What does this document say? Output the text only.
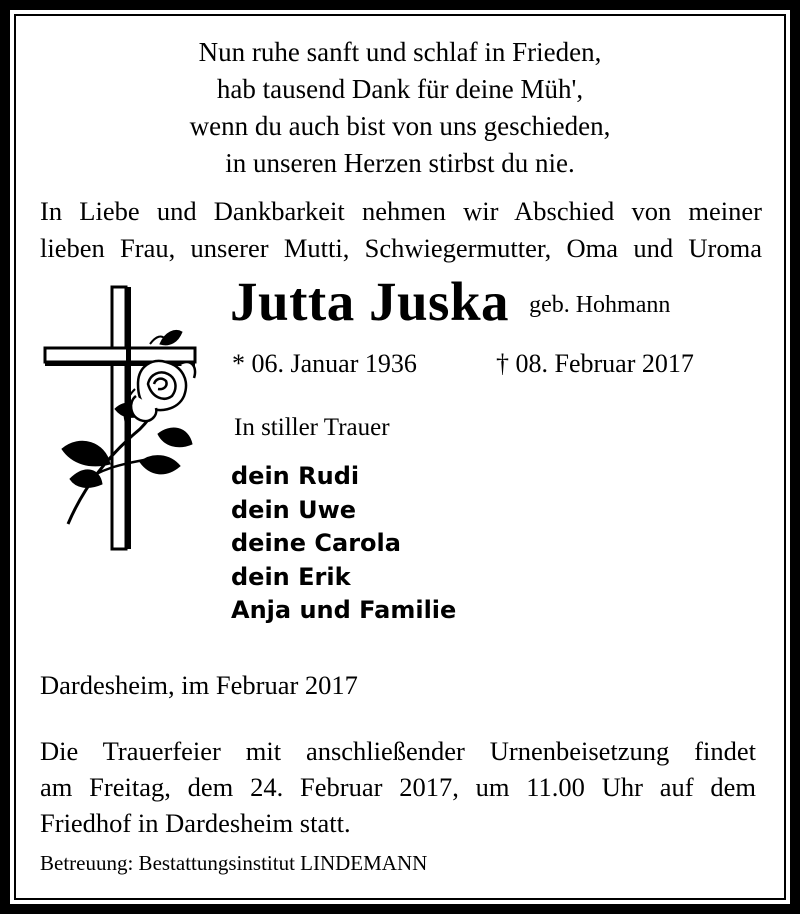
Nun ruhe sanft und schlaf in Frieden,
hab tausend Dank für deine Müh',
wenn du auch bist von uns geschieden,
in unseren Herzen stirbst du nie.
In Liebe und Dankbarkeit nehmen wir Abschied von meiner
lieben Frau, unserer Mutti, Schwiegermutter, Oma und Uroma
Jutta Juska geb. Hohmann
* 06. Januar 1936	† 08. Februar 2017
In stiller Trauer
dein Rudi
dein Uwe
deine Carola
dein Erik
Anja und Familie
Dardesheim, im Februar 2017
Die Trauerfeier mit anschließender Urnenbeisetzung findet
am Freitag, dem 24. Februar 2017, um 11.00 Uhr auf dem
Friedhof in Dardesheim statt.
Betreuung: Bestattungsinstitut LINDEMANN
